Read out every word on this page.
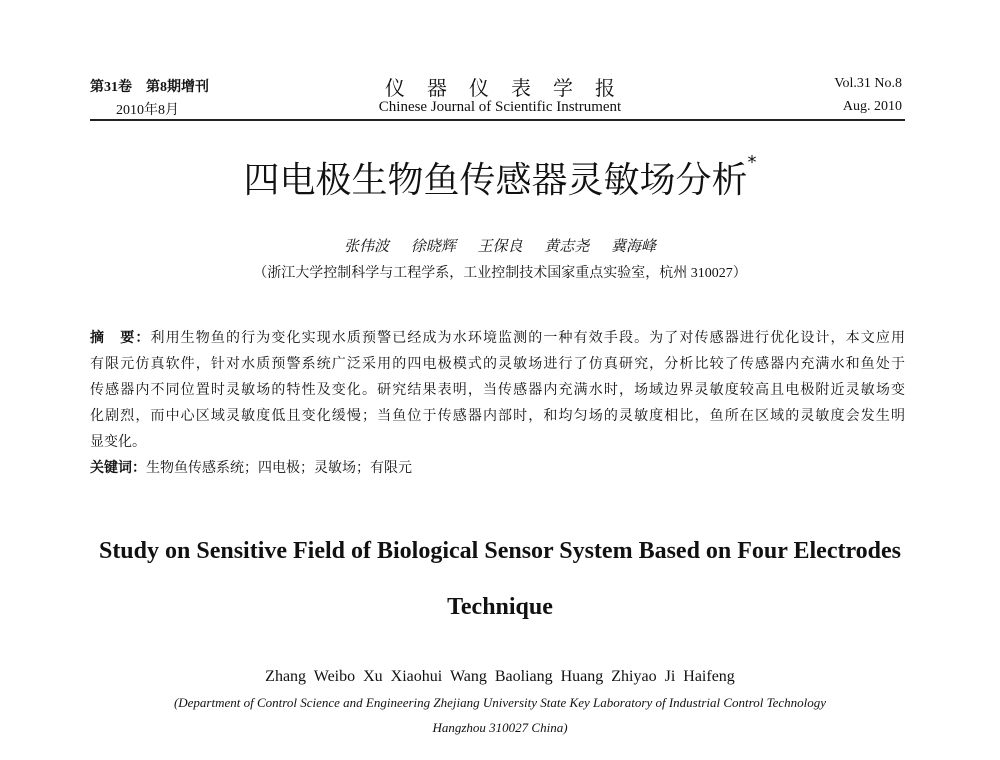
第31卷　第8期增刊
2010年8月
仪器仪表学报
Chinese Journal of Scientific Instrument
Vol.31 No.8
Aug. 2010
四电极生物鱼传感器灵敏场分析*
张伟波 徐晓辉 王保良 黄志尧 冀海峰
（浙江大学控制科学与工程学系，工业控制技术国家重点实验室，杭州 310027）
摘　要：利用生物鱼的行为变化实现水质预警已经成为水环境监测的一种有效手段。为了对传感器进行优化设计，本文应用
有限元仿真软件，针对水质预警系统广泛采用的四电极模式的灵敏场进行了仿真研究，分析比较了传感器内充满水和鱼处于
传感器内不同位置时灵敏场的特性及变化。研究结果表明，当传感器内充满水时，场域边界灵敏度较高且电极附近灵敏场变
化剧烈，而中心区域灵敏度低且变化缓慢；当鱼位于传感器内部时，和均匀场的灵敏度相比，鱼所在区域的灵敏度会发生明
显变化。
关键词：生物鱼传感系统；四电极；灵敏场；有限元
Study on Sensitive Field of Biological Sensor System Based on Four Electrodes
Technique
Zhang Weibo Xu Xiaohui Wang Baoliang Huang Zhiyao Ji Haifeng
(Department of Control Science and Engineering Zhejiang University State Key Laboratory of Industrial Control Technology
Hangzhou 310027 China)
